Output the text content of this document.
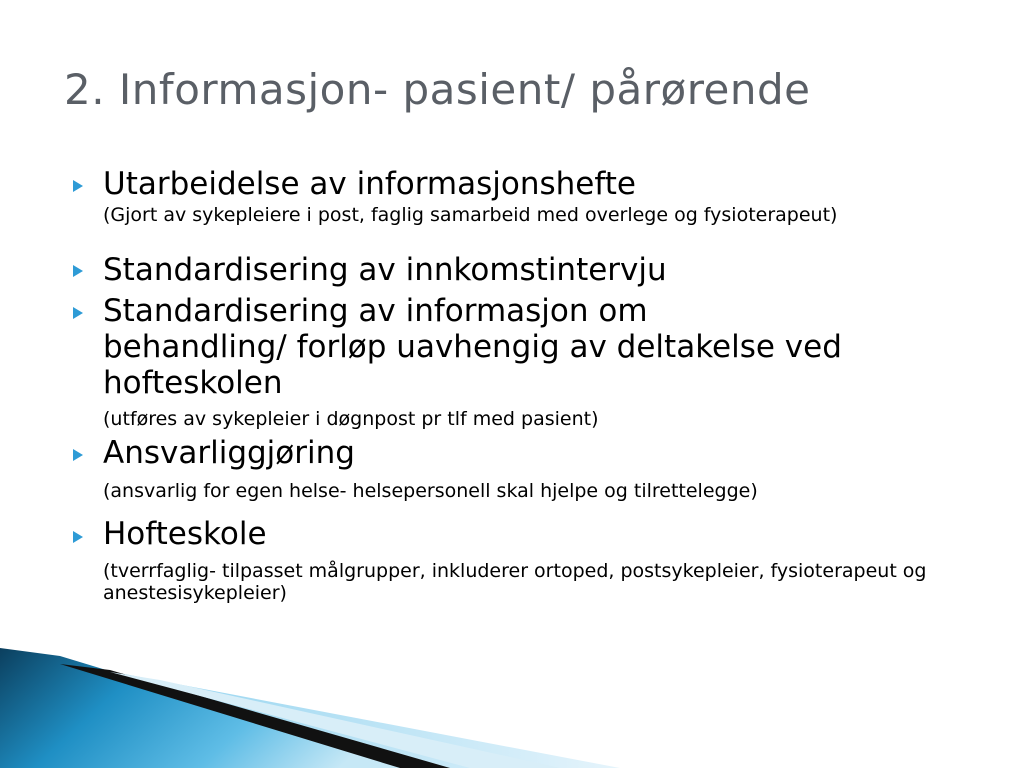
2. Informasjon- pasient/ pårørende
Utarbeidelse av informasjonshefte
(Gjort av sykepleiere i post, faglig samarbeid med overlege og fysioterapeut)
Standardisering av innkomstintervju
Standardisering av informasjon om
behandling/ forløp uavhengig av deltakelse ved
hofteskolen
(utføres av sykepleier i døgnpost pr tlf med pasient)
Ansvarliggjøring
(ansvarlig for egen helse- helsepersonell skal hjelpe og tilrettelegge)
Hofteskole
(tverrfaglig- tilpasset målgrupper, inkluderer ortoped, postsykepleier, fysioterapeut og anestesisykepleier)
